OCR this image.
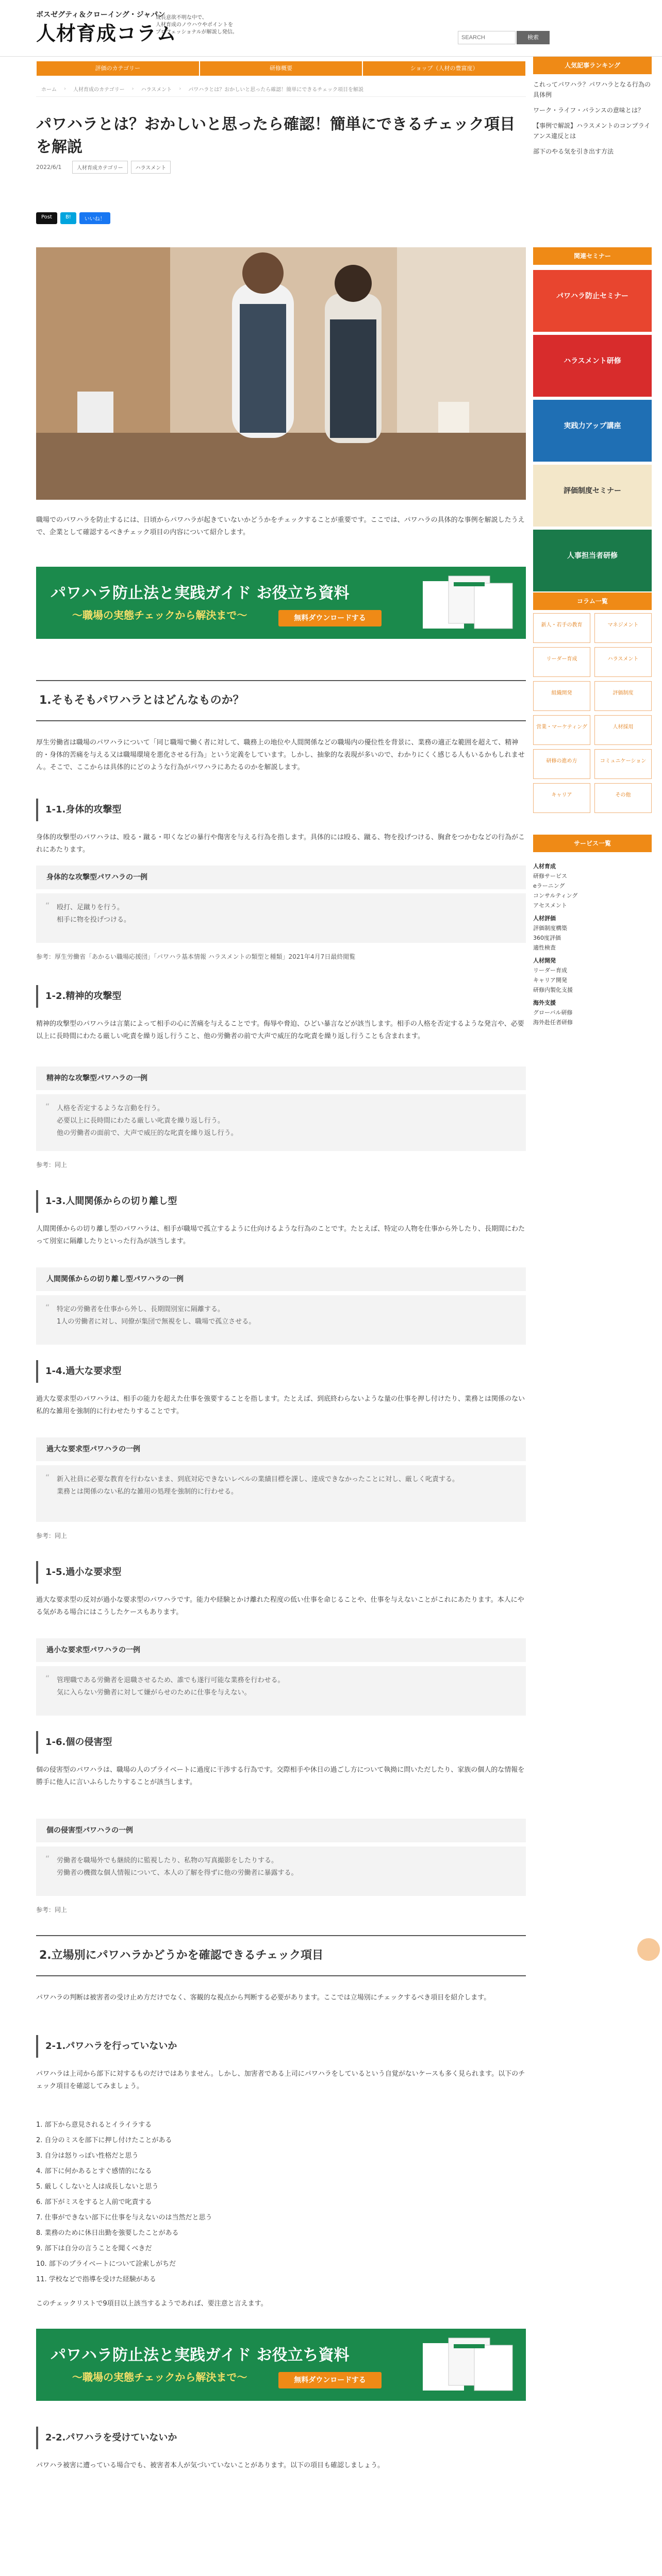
ボスゼグティ＆クローイング・ジャパン
人材育成コラム
成長意欲不明な中で、
人材育成のノウハウやポイントを
プロフェッショナルが解説し発信。
SEARCH
検索
評価のカテゴリー	研修概要	ショップ（人材の豊富度）
ホーム › 人材育成のカテゴリー › ハラスメント › パワハラとは？おかしいと思ったら確認！簡単にできるチェック項目を解説
パワハラとは？おかしいと思ったら確認！簡単にできるチェック項目を解説
2022/6/1	人材育成カテゴリー	ハラスメント
Post	B!	いいね！

職場でのパワハラを防止するには、日頃からパワハラが起きていないかどうかをチェックすることが重要です。ここでは、パワハラの具体的な事例を解説したうえで、企業として確認するべきチェック項目の内容について紹介します。

パワハラ防止法と実践ガイド お役立ち資料
〜職場の実態チェックから解決まで〜	無料ダウンロードする
1.そもそもパワハラとはどんなものか？

厚生労働省は職場のパワハラについて「同じ職場で働く者に対して、職務上の地位や人間関係などの職場内の優位性を背景に、業務の適正な範囲を超えて、精神的・身体的苦痛を与える又は職場環境を悪化させる行為」という定義をしています。しかし、抽象的な表現が多いので、わかりにくく感じる人もいるかもしれません。そこで、ここからは具体的にどのような行為がパワハラにあたるのかを解説します。

1-1.身体的攻撃型

身体的攻撃型のパワハラは、殴る・蹴る・叩くなどの暴行や傷害を与える行為を指します。具体的には殴る、蹴る、物を投げつける、胸倉をつかむなどの行為がこれにあたります。

身体的な攻撃型パワハラの一例
“ 殴打、足蹴りを行う。
相手に物を投げつける。

参考：厚生労働省「あかるい職場応援団」「パワハラ基本情報 ハラスメントの類型と種類」2021年4月7日最終閲覧

1-2.精神的攻撃型

精神的攻撃型のパワハラは言葉によって相手の心に苦痛を与えることです。侮辱や脅迫、ひどい暴言などが該当します。相手の人格を否定するような発言や、必要以上に長時間にわたる厳しい叱責を繰り返し行うこと、他の労働者の前で大声で威圧的な叱責を繰り返し行うことも含まれます。

精神的な攻撃型パワハラの一例
“ 人格を否定するような言動を行う。
必要以上に長時間にわたる厳しい叱責を繰り返し行う。
他の労働者の面前で、大声で威圧的な叱責を繰り返し行う。

参考：同上

1-3.人間関係からの切り離し型

人間関係からの切り離し型のパワハラは、相手が職場で孤立するように仕向けるような行為のことです。たとえば、特定の人物を仕事から外したり、長期間にわたって別室に隔離したりといった行為が該当します。

人間関係からの切り離し型パワハラの一例
“ 特定の労働者を仕事から外し、長期間別室に隔離する。
1人の労働者に対し、同僚が集団で無視をし、職場で孤立させる。
1-4.過大な要求型

過大な要求型のパワハラは、相手の能力を超えた仕事を強要することを指します。たとえば、到底終わらないような量の仕事を押し付けたり、業務とは関係のない私的な雑用を強制的に行わせたりすることです。

過大な要求型パワハラの一例
“ 新入社員に必要な教育を行わないまま、到底対応できないレベルの業績目標を課し、達成できなかったことに対し、厳しく叱責する。
業務とは関係のない私的な雑用の処理を強制的に行わせる。

参考：同上

1-5.過小な要求型

過大な要求型の反対が過小な要求型のパワハラです。能力や経験とかけ離れた程度の低い仕事を命じることや、仕事を与えないことがこれにあたります。本人にやる気がある場合にはこうしたケースもあります。

過小な要求型パワハラの一例
“ 管理職である労働者を退職させるため、誰でも遂行可能な業務を行わせる。
気に入らない労働者に対して嫌がらせのために仕事を与えない。
1-6.個の侵害型

個の侵害型のパワハラは、職場の人のプライベートに過度に干渉する行為です。交際相手や休日の過ごし方について執拗に問いただしたり、家族の個人的な情報を勝手に他人に言いふらしたりすることが該当します。

個の侵害型パワハラの一例
“ 労働者を職場外でも継続的に監視したり、私物の写真撮影をしたりする。
労働者の機微な個人情報について、本人の了解を得ずに他の労働者に暴露する。

参考：同上

2.立場別にパワハラかどうかを確認できるチェック項目

パワハラの判断は被害者の受け止め方だけでなく、客観的な視点から判断する必要があります。ここでは立場別にチェックするべき項目を紹介します。

2-1.パワハラを行っていないか

パワハラは上司から部下に対するものだけではありません。しかし、加害者である上司にパワハラをしているという自覚がないケースも多く見られます。以下のチェック項目を確認してみましょう。

1. 部下から意見されるとイライラする
2. 自分のミスを部下に押し付けたことがある
3. 自分は怒りっぽい性格だと思う
4. 部下に何かあるとすぐ感情的になる
5. 厳しくしないと人は成長しないと思う
6. 部下がミスをすると人前で叱責する
7. 仕事ができない部下に仕事を与えないのは当然だと思う
8. 業務のために休日出勤を強要したことがある
9. 部下は自分の言うことを聞くべきだ
10. 部下のプライベートについて詮索しがちだ
11. 学校などで指導を受けた経験がある

このチェックリストで9項目以上該当するようであれば、要注意と言えます。

パワハラ防止法と実践ガイド お役立ち資料
〜職場の実態チェックから解決まで〜	無料ダウンロードする
2-2.パワハラを受けていないか

パワハラ被害に遭っている場合でも、被害者本人が気づいていないことがあります。以下の項目も確認しましょう。

人気記事ランキング
これってパワハラ？パワハラとなる行為の具体例
ワーク・ライフ・バランスの意味とは？
【事例で解説】ハラスメントのコンプライアンス違反とは
部下のやる気を引き出す方法
関連セミナー
パワハラ防止セミナー
ハラスメント研修
実践力アップ講座
評価制度セミナー
人事担当者研修
コラム一覧
新人・若手の教育	マネジメント
リーダー育成	ハラスメント
組織開発	評価制度
営業・マーケティング	人材採用
研修の進め方	コミュニケーション
キャリア	その他
サービス一覧
人材育成
研修サービス
eラーニング
コンサルティング
アセスメント
人材評価
評価制度構築
360度評価
適性検査
人材開発
リーダー育成
キャリア開発
研修内製化支援
海外支援
グローバル研修
海外赴任者研修
